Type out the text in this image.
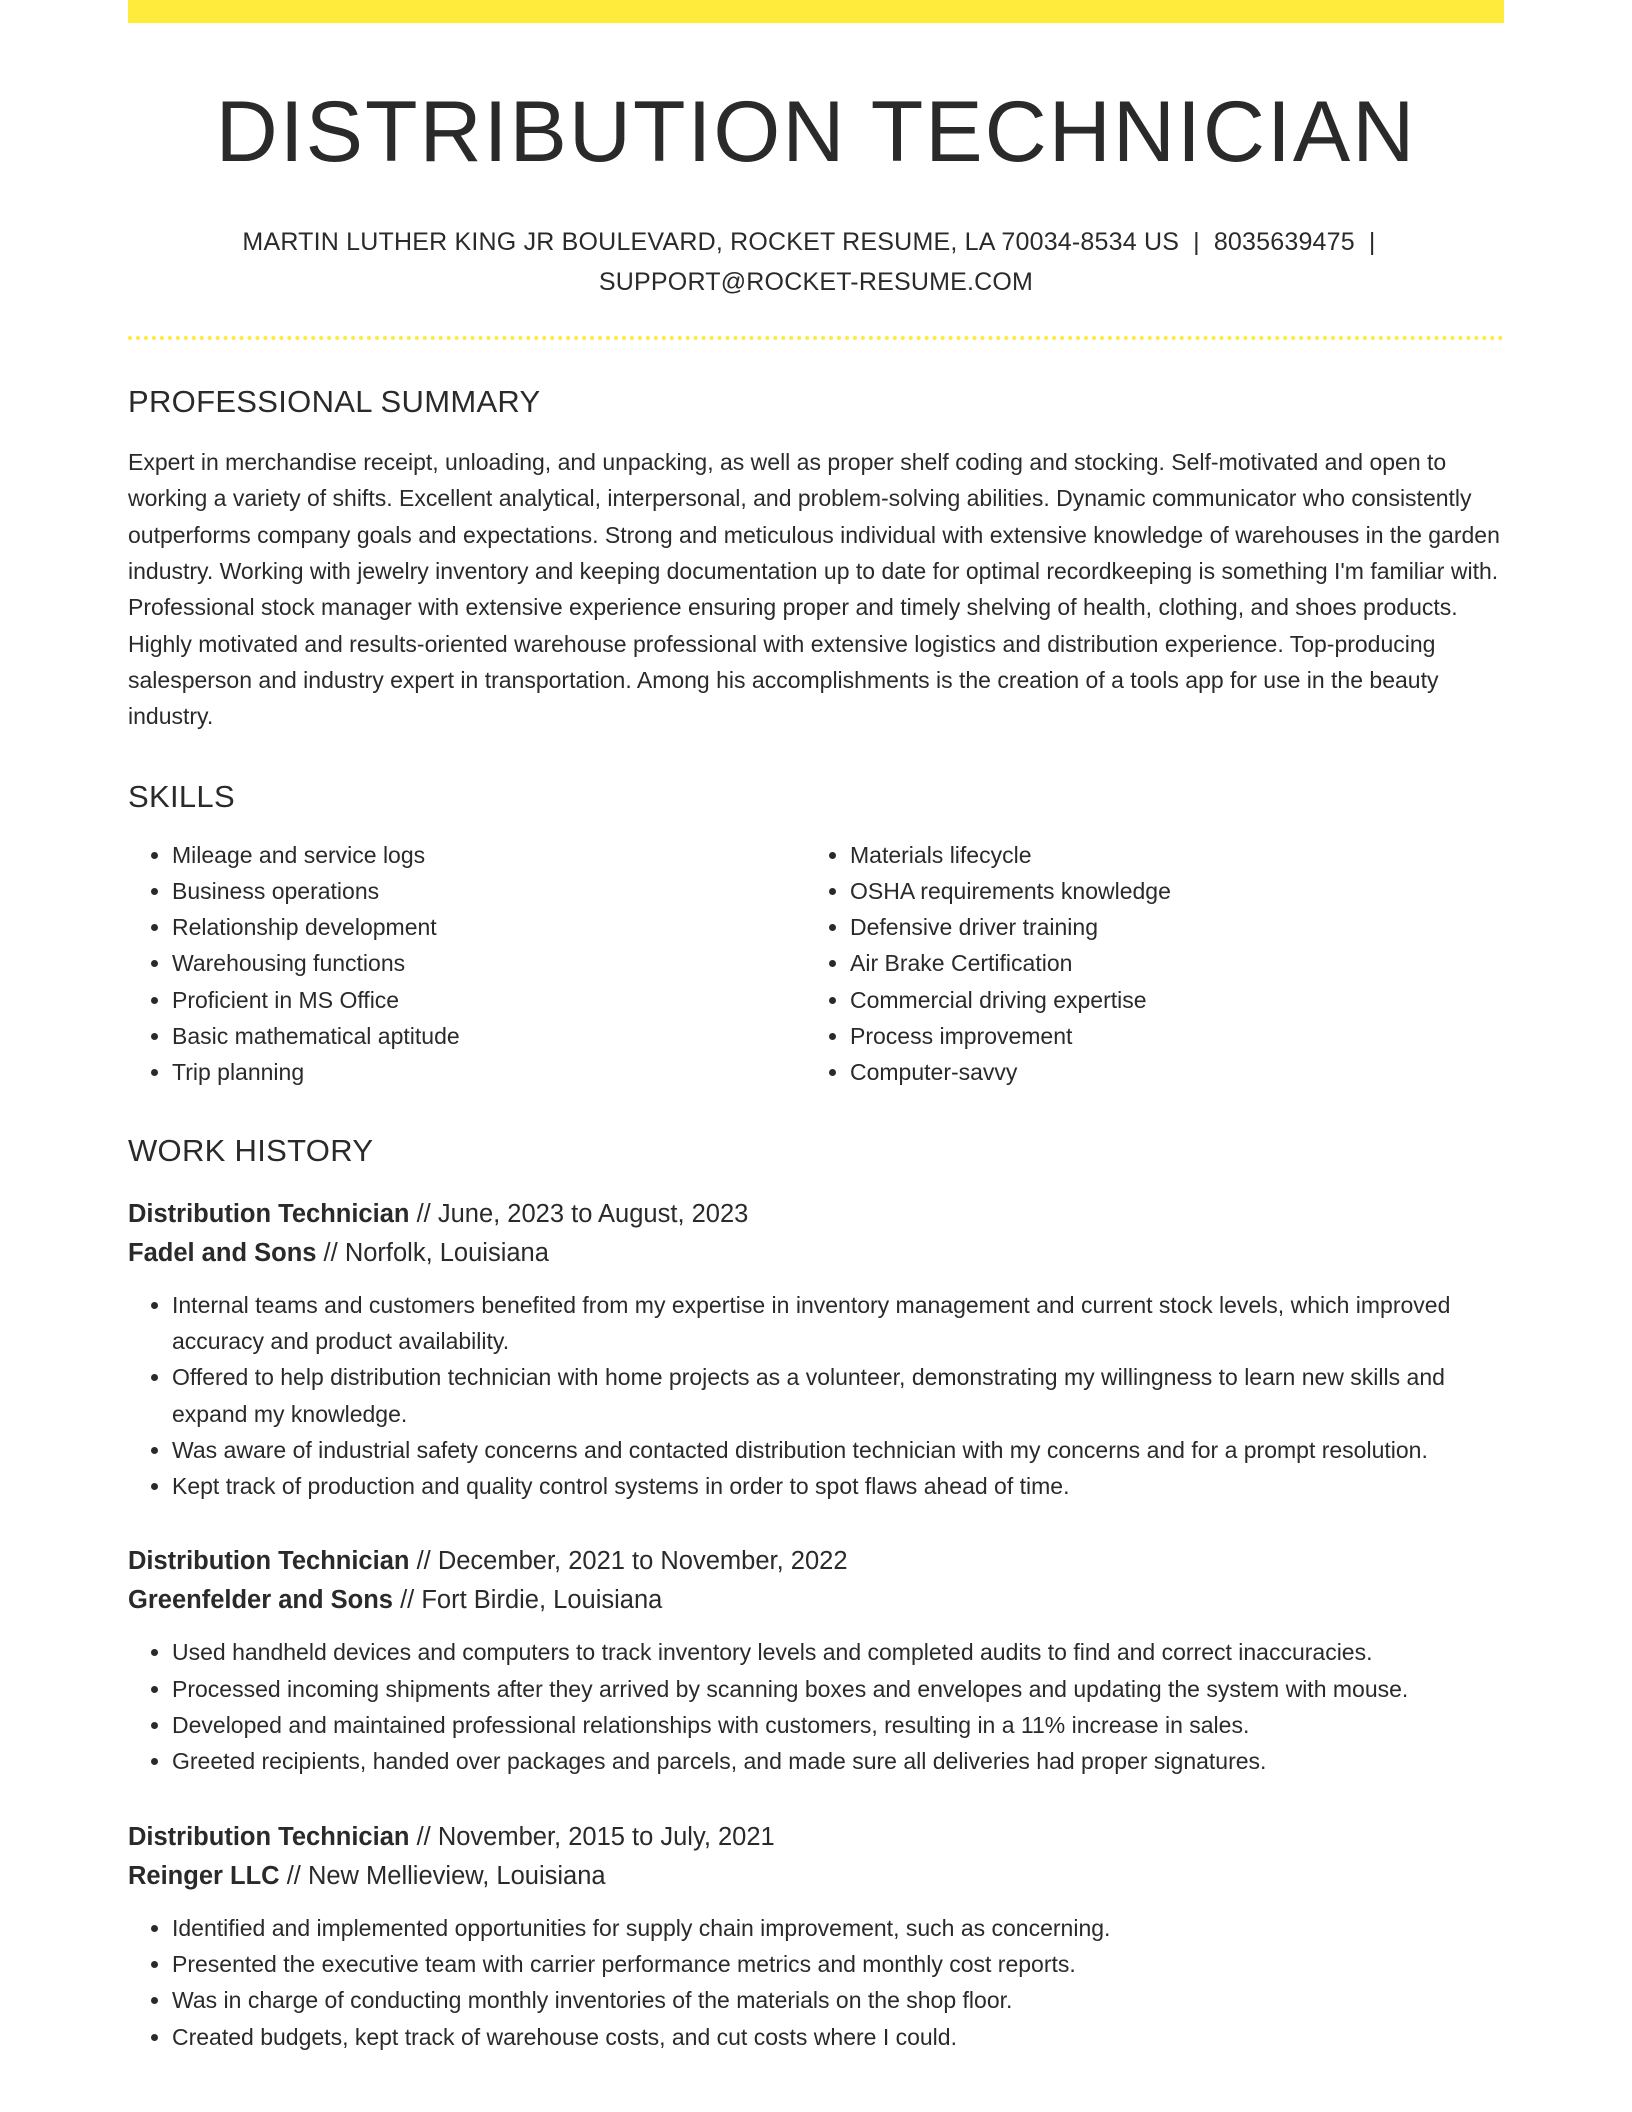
DISTRIBUTION TECHNICIAN
MARTIN LUTHER KING JR BOULEVARD, ROCKET RESUME, LA 70034-8534 US | 8035639475 |
SUPPORT@ROCKET-RESUME.COM
PROFESSIONAL SUMMARY

Expert in merchandise receipt, unloading, and unpacking, as well as proper shelf coding and stocking. Self-motivated and open to working a variety of shifts. Excellent analytical, interpersonal, and problem-solving abilities. Dynamic communicator who consistently outperforms company goals and expectations. Strong and meticulous individual with extensive knowledge of warehouses in the garden industry. Working with jewelry inventory and keeping documentation up to date for optimal recordkeeping is something I'm familiar with. Professional stock manager with extensive experience ensuring proper and timely shelving of health, clothing, and shoes products. Highly motivated and results-oriented warehouse professional with extensive logistics and distribution experience. Top-producing salesperson and industry expert in transportation. Among his accomplishments is the creation of a tools app for use in the beauty industry.

SKILLS
• Mileage and service logs
• Business operations
• Relationship development
• Warehousing functions
• Proficient in MS Office
• Basic mathematical aptitude
• Trip planning
• Materials lifecycle
• OSHA requirements knowledge
• Defensive driver training
• Air Brake Certification
• Commercial driving expertise
• Process improvement
• Computer-savvy
WORK HISTORY
Distribution Technician // June, 2023 to August, 2023
Fadel and Sons // Norfolk, Louisiana
• Internal teams and customers benefited from my expertise in inventory management and current stock levels, which improved accuracy and product availability.
• Offered to help distribution technician with home projects as a volunteer, demonstrating my willingness to learn new skills and expand my knowledge.
• Was aware of industrial safety concerns and contacted distribution technician with my concerns and for a prompt resolution.
• Kept track of production and quality control systems in order to spot flaws ahead of time.
Distribution Technician // December, 2021 to November, 2022
Greenfelder and Sons // Fort Birdie, Louisiana
• Used handheld devices and computers to track inventory levels and completed audits to find and correct inaccuracies.
• Processed incoming shipments after they arrived by scanning boxes and envelopes and updating the system with mouse.
• Developed and maintained professional relationships with customers, resulting in a 11% increase in sales.
• Greeted recipients, handed over packages and parcels, and made sure all deliveries had proper signatures.
Distribution Technician // November, 2015 to July, 2021
Reinger LLC // New Mellieview, Louisiana
• Identified and implemented opportunities for supply chain improvement, such as concerning.
• Presented the executive team with carrier performance metrics and monthly cost reports.
• Was in charge of conducting monthly inventories of the materials on the shop floor.
• Created budgets, kept track of warehouse costs, and cut costs where I could.
